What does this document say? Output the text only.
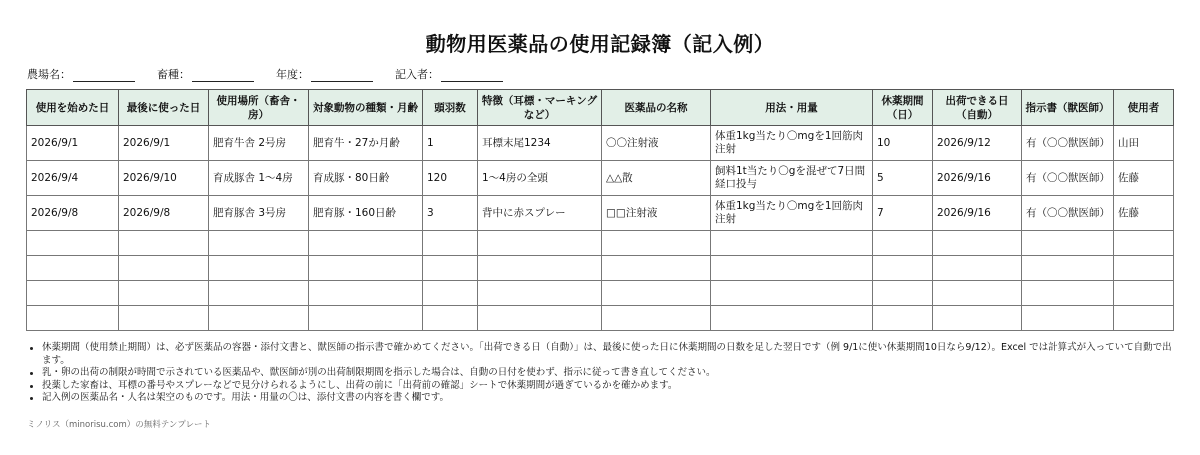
動物用医薬品の使用記録簿（記入例）
農場名：	畜種：	年度：	記入者：
使用を始めた日	最後に使った日	使用場所（畜舎・房）	対象動物の種類・月齢	頭羽数	特徴（耳標・マーキングなど）	医薬品の名称	用法・用量	休薬期間（日）	出荷できる日（自動）	指示書（獣医師）	使用者
2026/9/1	2026/9/1	肥育牛舎 2号房	肥育牛・27か月齢	1	耳標末尾1234	〇〇注射液	体重1kg当たり〇mgを1回筋肉注射	10	2026/9/12	有（〇〇獣医師）	山田
2026/9/4	2026/9/10	育成豚舎 1〜4房	育成豚・80日齢	120	1〜4房の全頭	△△散	飼料1t当たり〇gを混ぜて7日間経口投与	5	2026/9/16	有（〇〇獣医師）	佐藤
2026/9/8	2026/9/8	肥育豚舎 3号房	肥育豚・160日齢	3	背中に赤スプレー	□□注射液	体重1kg当たり〇mgを1回筋肉注射	7	2026/9/16	有（〇〇獣医師）	佐藤

休薬期間（使用禁止期間）は、必ず医薬品の容器・添付文書と、獣医師の指示書で確かめてください。「出荷できる日（自動）」は、最後に使った日に休薬期間の日数を足した翌日です（例 9/1に使い休薬期間10日なら9/12）。Excel では計算式が入っていて自動で出ます。
乳・卵の出荷の制限が時間で示されている医薬品や、獣医師が別の出荷制限期間を指示した場合は、自動の日付を使わず、指示に従って書き直してください。
投薬した家畜は、耳標の番号やスプレーなどで見分けられるようにし、出荷の前に「出荷前の確認」シートで休薬期間が過ぎているかを確かめます。
記入例の医薬品名・人名は架空のものです。用法・用量の〇は、添付文書の内容を書く欄です。
ミノリス（minorisu.com）の無料テンプレート
